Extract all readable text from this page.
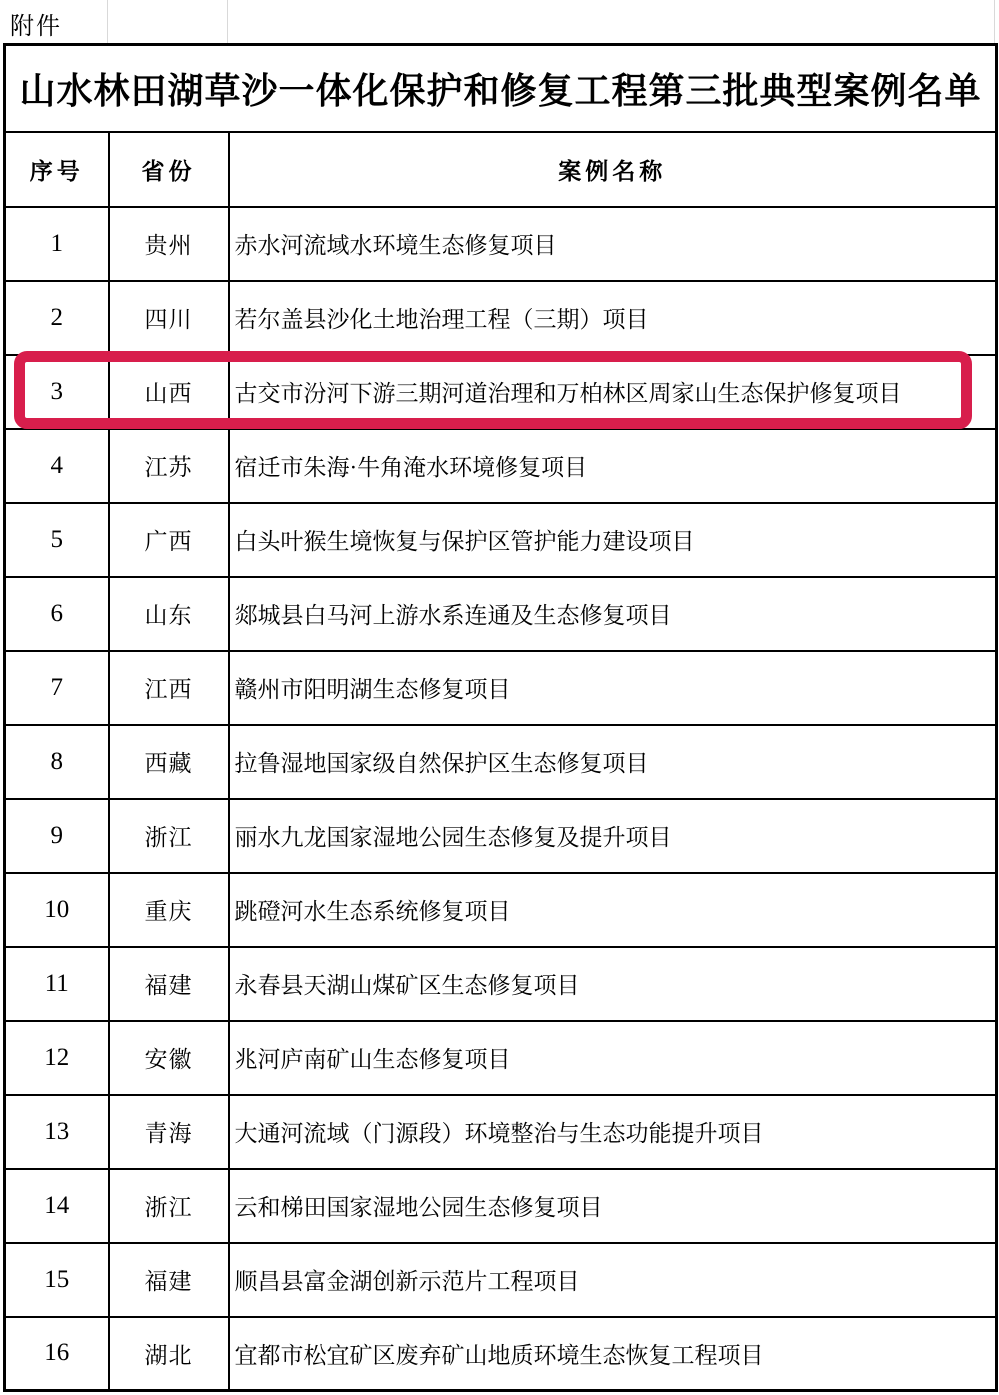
附件
山水林田湖草沙一体化保护和修复工程第三批典型案例名单		
序号	省份	案例名称
1	贵州	赤水河流域水环境生态修复项目
2	四川	若尔盖县沙化土地治理工程（三期）项目
3	山西	古交市汾河下游三期河道治理和万柏林区周家山生态保护修复项目
4	江苏	宿迁市朱海·牛角淹水环境修复项目
5	广西	白头叶猴生境恢复与保护区管护能力建设项目
6	山东	郯城县白马河上游水系连通及生态修复项目
7	江西	赣州市阳明湖生态修复项目
8	西藏	拉鲁湿地国家级自然保护区生态修复项目
9	浙江	丽水九龙国家湿地公园生态修复及提升项目
10	重庆	跳磴河水生态系统修复项目
11	福建	永春县天湖山煤矿区生态修复项目
12	安徽	兆河庐南矿山生态修复项目
13	青海	大通河流域（门源段）环境整治与生态功能提升项目
14	浙江	云和梯田国家湿地公园生态修复项目
15	福建	顺昌县富金湖创新示范片工程项目
16	湖北	宜都市松宜矿区废弃矿山地质环境生态恢复工程项目
